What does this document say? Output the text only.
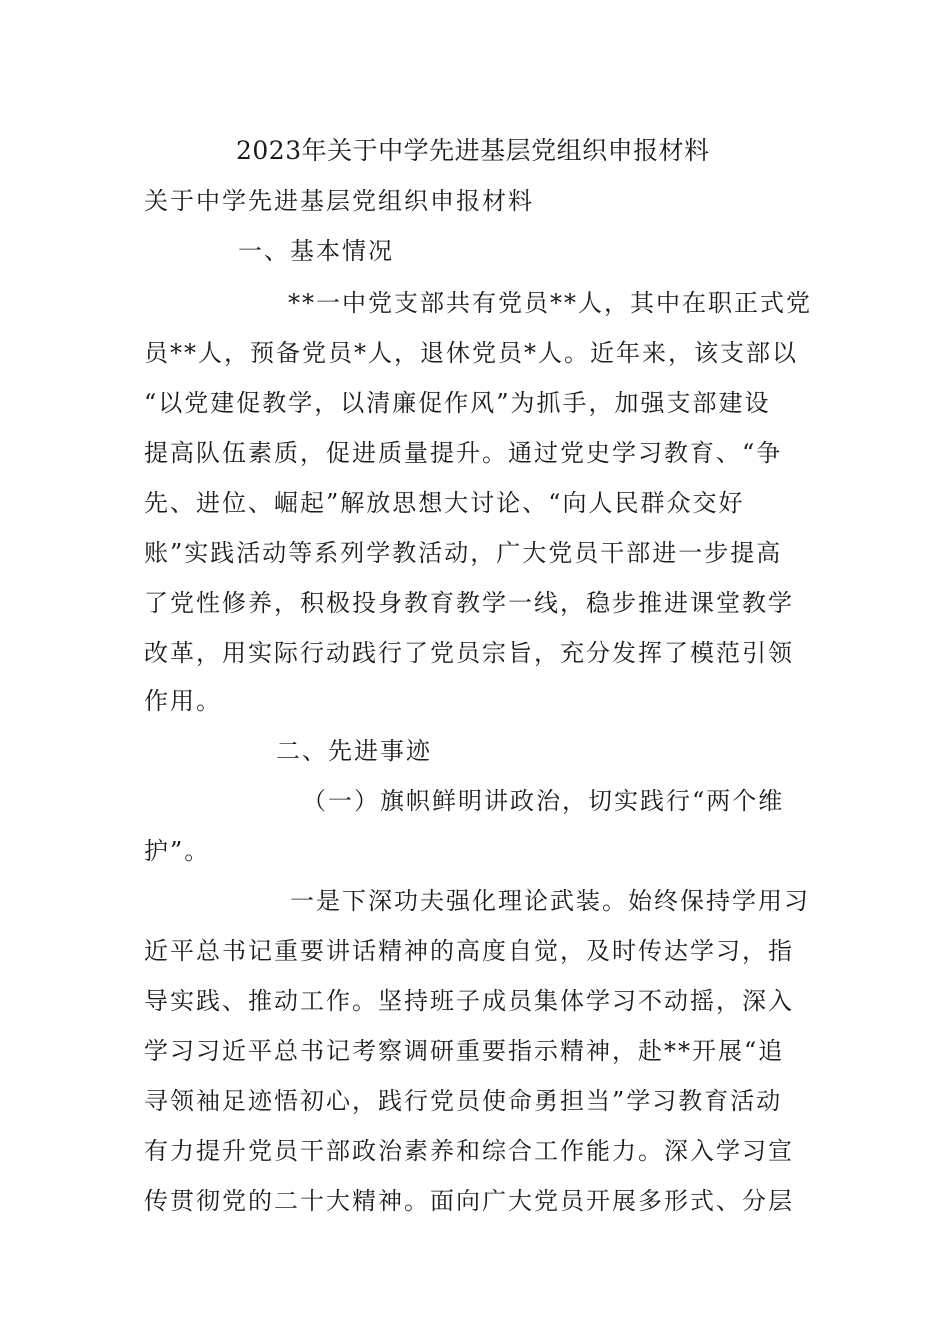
2023年关于中学先进基层党组织申报材料
关于中学先进基层党组织申报材料
一、基本情况
**一中党支部共有党员**人，其中在职正式党
员**人，预备党员*人，退休党员*人。近年来，该支部以
“以党建促教学，以清廉促作风”为抓手，加强支部建设
提高队伍素质，促进质量提升。通过党史学习教育、“争
先、进位、崛起”解放思想大讨论、“向人民群众交好
账”实践活动等系列学教活动，广大党员干部进一步提高
了党性修养，积极投身教育教学一线，稳步推进课堂教学
改革，用实际行动践行了党员宗旨，充分发挥了模范引领
作用。
二、先进事迹
（一）旗帜鲜明讲政治，切实践行“两个维
护”。
一是下深功夫强化理论武装。始终保持学用习
近平总书记重要讲话精神的高度自觉，及时传达学习，指
导实践、推动工作。坚持班子成员集体学习不动摇，深入
学习习近平总书记考察调研重要指示精神，赴**开展“追
寻领袖足迹悟初心，践行党员使命勇担当”学习教育活动
有力提升党员干部政治素养和综合工作能力。深入学习宣
传贯彻党的二十大精神。面向广大党员开展多形式、分层
